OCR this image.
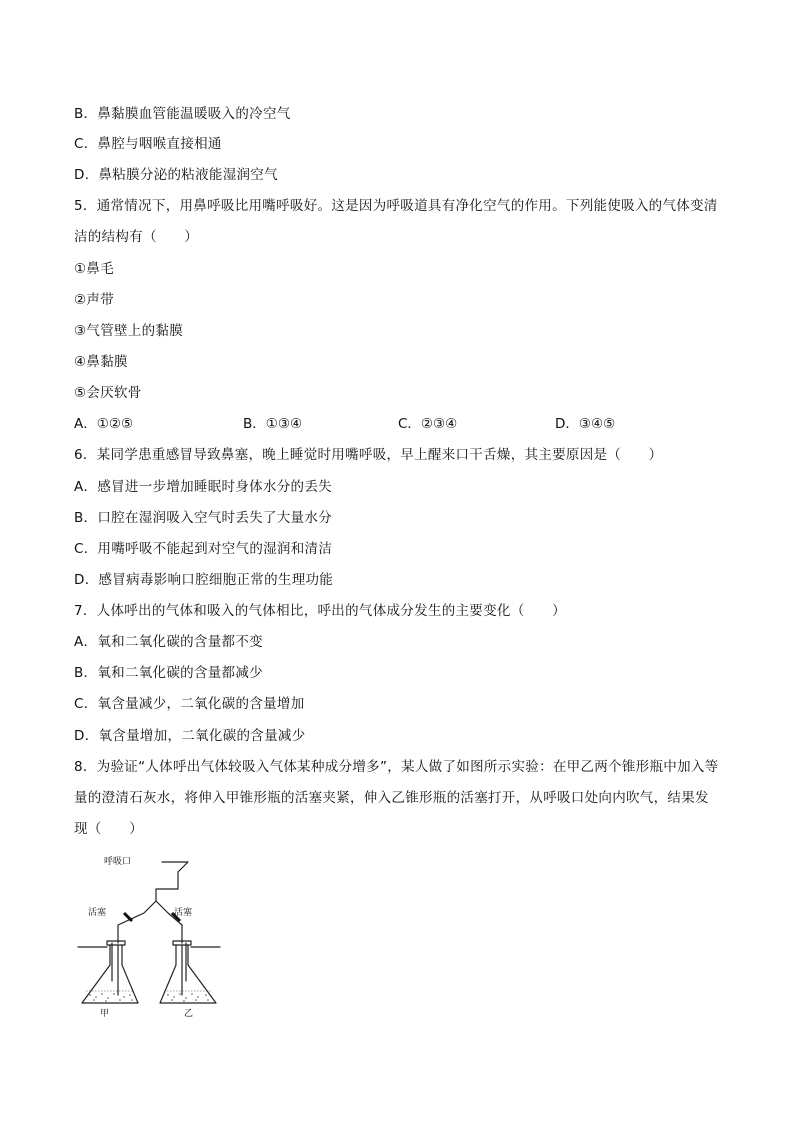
B．鼻黏膜血管能温暖吸入的冷空气
C．鼻腔与咽喉直接相通
D．鼻粘膜分泌的粘液能湿润空气
5．通常情况下，用鼻呼吸比用嘴呼吸好。这是因为呼吸道具有净化空气的作用。下列能使吸入的气体变清
洁的结构有（　　）
①鼻毛
②声带
③气管壁上的黏膜
④鼻黏膜
⑤会厌软骨
A．①②⑤	B．①③④	C．②③④	D．③④⑤
6．某同学患重感冒导致鼻塞，晚上睡觉时用嘴呼吸，早上醒来口干舌燥，其主要原因是（　　）
A．感冒进一步增加睡眠时身体水分的丢失
B．口腔在湿润吸入空气时丢失了大量水分
C．用嘴呼吸不能起到对空气的湿润和清洁
D．感冒病毒影响口腔细胞正常的生理功能
7．人体呼出的气体和吸入的气体相比，呼出的气体成分发生的主要变化（　　）
A．氧和二氧化碳的含量都不变
B．氧和二氧化碳的含量都减少
C．氧含量减少，二氧化碳的含量增加
D．氧含量增加，二氧化碳的含量减少
8．为验证“人体呼出气体较吸入气体某种成分增多”，某人做了如图所示实验：在甲乙两个锥形瓶中加入等
量的澄清石灰水，将伸入甲锥形瓶的活塞夹紧，伸入乙锥形瓶的活塞打开，从呼吸口处向内吹气，结果发
现（　　）
呼吸口
活塞	活塞
甲	乙
